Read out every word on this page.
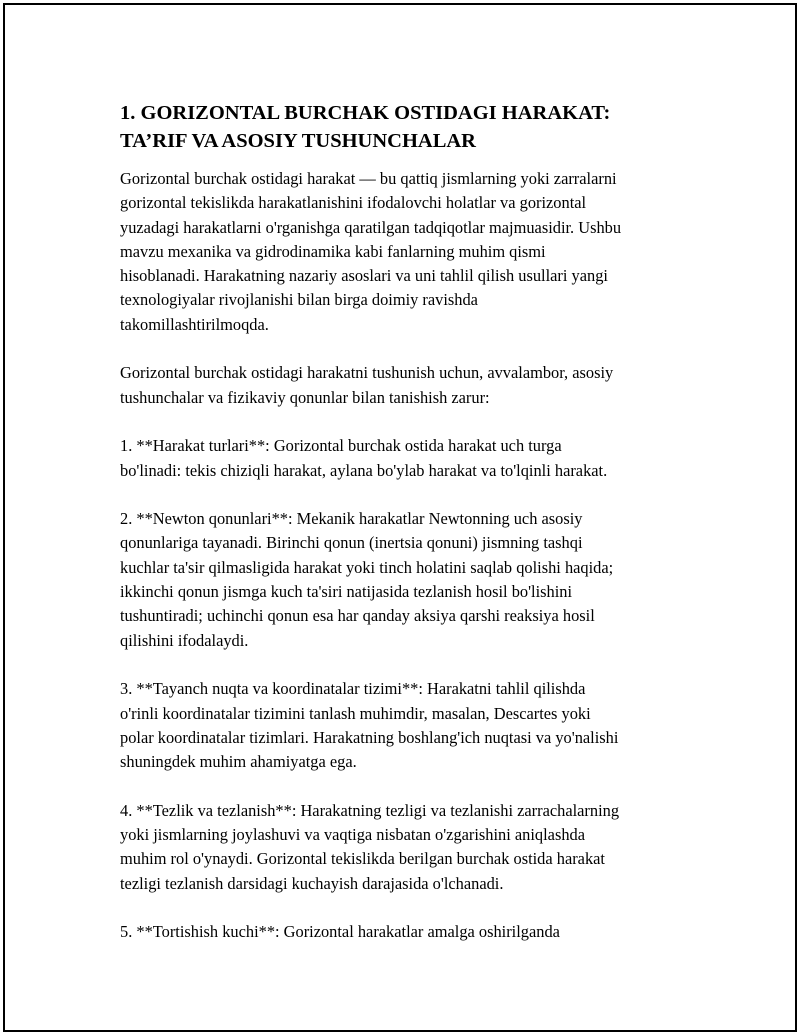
1. GORIZONTAL BURCHAK OSTIDAGI HARAKAT:
TA’RIF VA ASOSIY TUSHUNCHALAR

Gorizontal burchak ostidagi harakat — bu qattiq jismlarning yoki zarralarni
gorizontal tekislikda harakatlanishini ifodalovchi holatlar va gorizontal
yuzadagi harakatlarni o'rganishga qaratilgan tadqiqotlar majmuasidir. Ushbu
mavzu mexanika va gidrodinamika kabi fanlarning muhim qismi
hisoblanadi. Harakatning nazariy asoslari va uni tahlil qilish usullari yangi
texnologiyalar rivojlanishi bilan birga doimiy ravishda
takomillashtirilmoqda.

Gorizontal burchak ostidagi harakatni tushunish uchun, avvalambor, asosiy
tushunchalar va fizikaviy qonunlar bilan tanishish zarur:

1. **Harakat turlari**: Gorizontal burchak ostida harakat uch turga
bo'linadi: tekis chiziqli harakat, aylana bo'ylab harakat va to'lqinli harakat.

2. **Newton qonunlari**: Mekanik harakatlar Newtonning uch asosiy
qonunlariga tayanadi. Birinchi qonun (inertsia qonuni) jismning tashqi
kuchlar ta'sir qilmasligida harakat yoki tinch holatini saqlab qolishi haqida;
ikkinchi qonun jismga kuch ta'siri natijasida tezlanish hosil bo'lishini
tushuntiradi; uchinchi qonun esa har qanday aksiya qarshi reaksiya hosil
qilishini ifodalaydi.

3. **Tayanch nuqta va koordinatalar tizimi**: Harakatni tahlil qilishda
o'rinli koordinatalar tizimini tanlash muhimdir, masalan, Descartes yoki
polar koordinatalar tizimlari. Harakatning boshlang'ich nuqtasi va yo'nalishi
shuningdek muhim ahamiyatga ega.

4. **Tezlik va tezlanish**: Harakatning tezligi va tezlanishi zarrachalarning
yoki jismlarning joylashuvi va vaqtiga nisbatan o'zgarishini aniqlashda
muhim rol o'ynaydi. Gorizontal tekislikda berilgan burchak ostida harakat
tezligi tezlanish darsidagi kuchayish darajasida o'lchanadi.

5. **Tortishish kuchi**: Gorizontal harakatlar amalga oshirilganda
